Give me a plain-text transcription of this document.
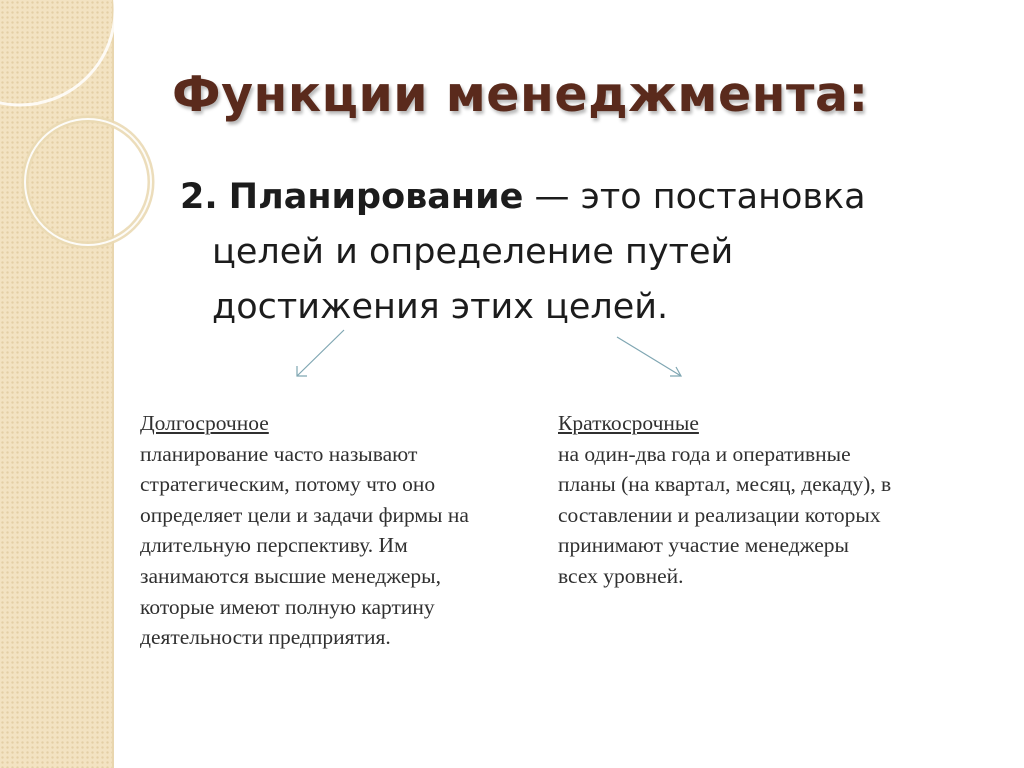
Функции менеджмента:
2. Планирование — это постановка
целей и определение путей
достижения этих целей.
Долгосрочное
планирование часто называют
стратегическим, потому что оно
определяет цели и задачи фирмы на
длительную перспективу. Им
занимаются высшие менеджеры,
которые имеют полную картину
деятельности предприятия.
Краткосрочные
на один-два года и оперативные
планы (на квартал, месяц, декаду), в
составлении и реализации которых
принимают участие менеджеры
всех уровней.
